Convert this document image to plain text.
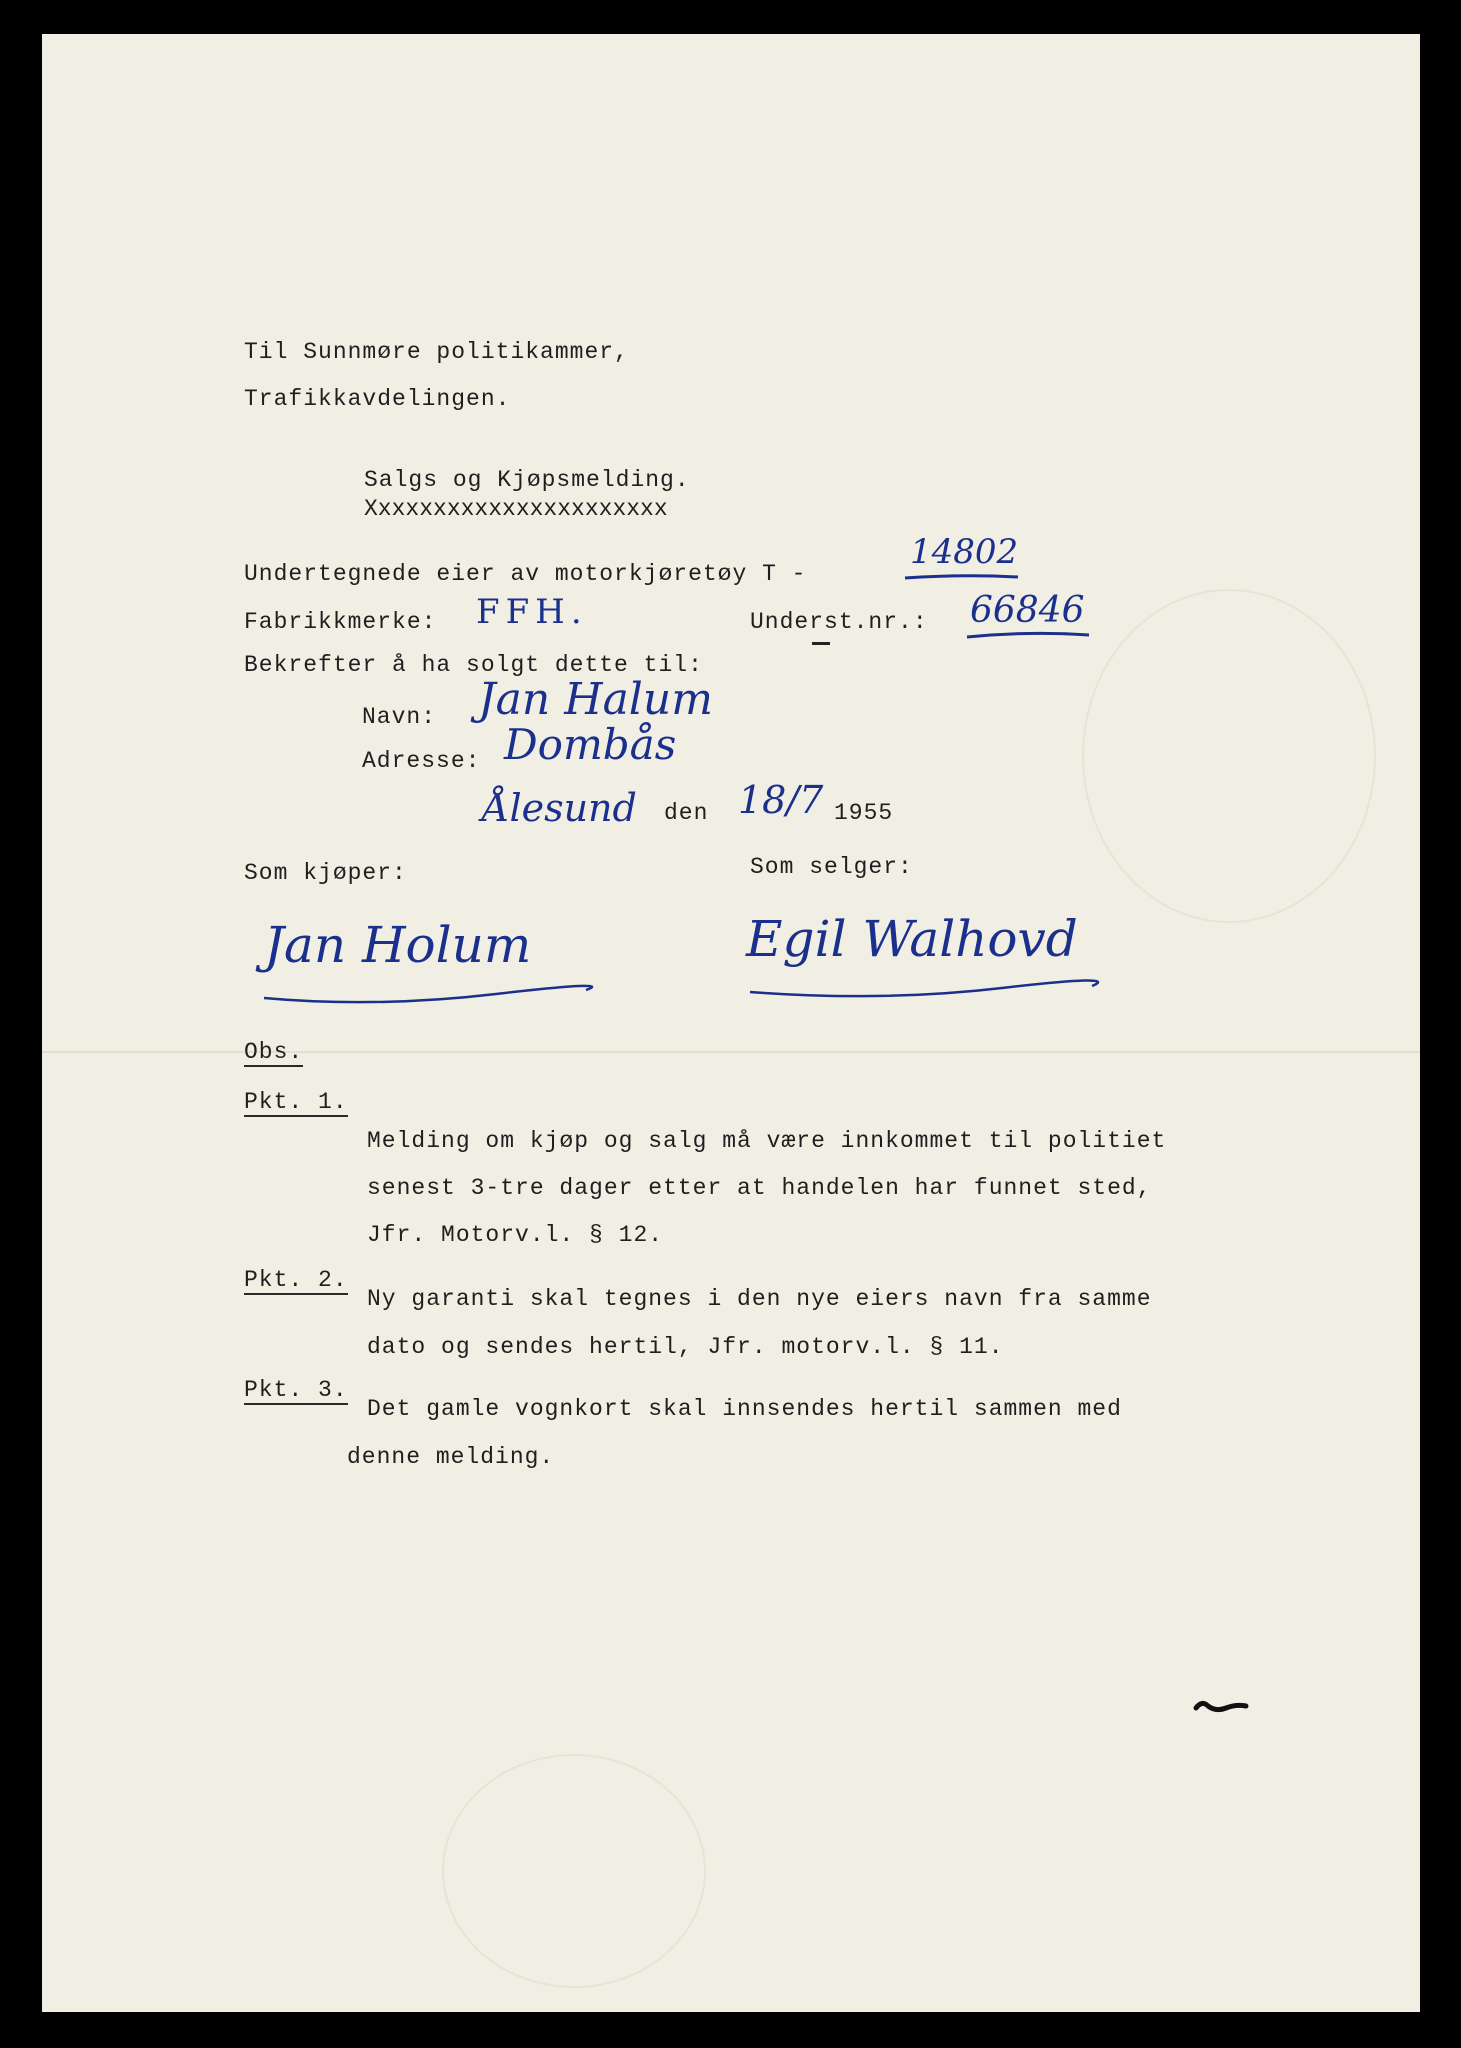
Til Sunnmøre politikammer,
Trafikkavdelingen.
Salgs og Kjøpsmelding.
Xxxxxxxxxxxxxxxxxxxxxx
Undertegnede eier av motorkjøretøy T -
14802
Fabrikkmerke: FFH.	Underst.nr.: 66846
Bekrefter å ha solgt dette til:
Navn: Jan Halum
Adresse: Dombås
Ålesund den 18/7 1955
Som kjøper:	Som selger:
Jan Holum	Egil Walhovd
Obs.
Pkt. 1.
Melding om kjøp og salg må være innkommet til politiet
senest 3-tre dager etter at handelen har funnet sted,
Jfr. Motorv.l. § 12.
Pkt. 2.
Ny garanti skal tegnes i den nye eiers navn fra samme
dato og sendes hertil, Jfr. motorv.l. § 11.
Pkt. 3.
Det gamle vognkort skal innsendes hertil sammen med
denne melding.
